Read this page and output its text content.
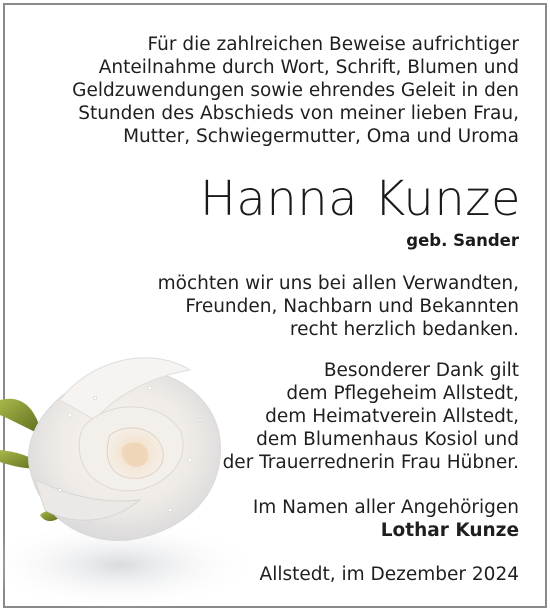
Für die zahlreichen Beweise aufrichtiger
Anteilnahme durch Wort, Schrift, Blumen und
Geldzuwendungen sowie ehrendes Geleit in den
Stunden des Abschieds von meiner lieben Frau,
Mutter, Schwiegermutter, Oma und Uroma
Hanna Kunze
geb. Sander
möchten wir uns bei allen Verwandten,
Freunden, Nachbarn und Bekannten
recht herzlich bedanken.
Besonderer Dank gilt
dem Pflegeheim Allstedt,
dem Heimatverein Allstedt,
dem Blumenhaus Kosiol und
der Trauerrednerin Frau Hübner.
Im Namen aller Angehörigen
Lothar Kunze
Allstedt, im Dezember 2024
